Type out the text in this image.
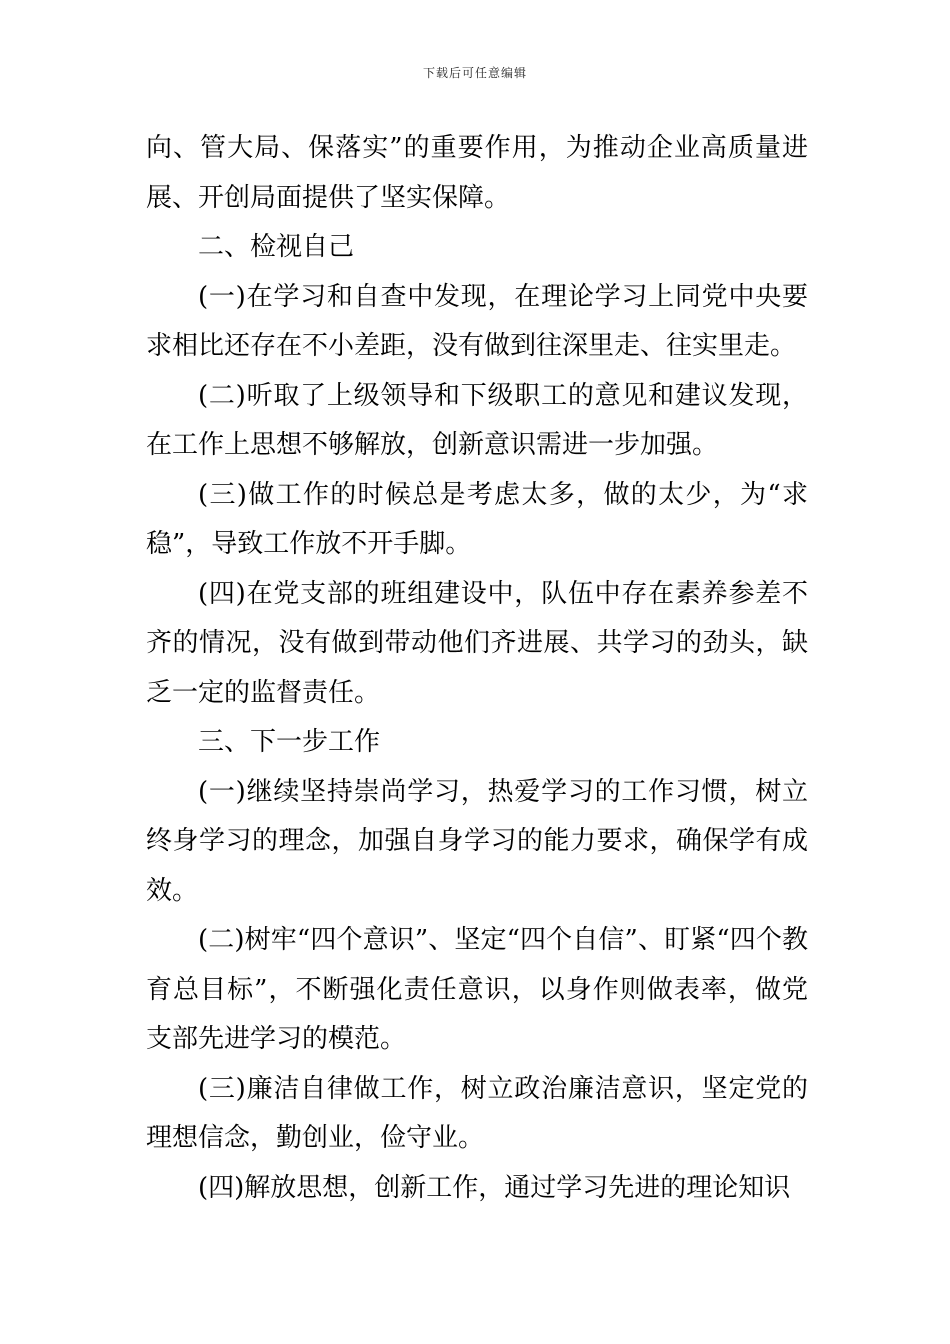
下载后可任意编辑

向、管大局、保落实”的重要作用，为推动企业高质量进展、开创局面提供了坚实保障。

二、检视自己

(一)在学习和自查中发现，在理论学习上同党中央要求相比还存在不小差距，没有做到往深里走、往实里走。

(二)听取了上级领导和下级职工的意见和建议发现，在工作上思想不够解放，创新意识需进一步加强。

(三)做工作的时候总是考虑太多，做的太少，为“求稳”，导致工作放不开手脚。

(四)在党支部的班组建设中，队伍中存在素养参差不齐的情况，没有做到带动他们齐进展、共学习的劲头，缺乏一定的监督责任。

三、下一步工作

(一)继续坚持崇尚学习，热爱学习的工作习惯，树立终身学习的理念，加强自身学习的能力要求，确保学有成效。

(二)树牢“四个意识”、坚定“四个自信”、盯紧“四个教育总目标”，不断强化责任意识，以身作则做表率，做党支部先进学习的模范。

(三)廉洁自律做工作，树立政治廉洁意识，坚定党的理想信念，勤创业，俭守业。

(四)解放思想，创新工作，通过学习先进的理论知识
